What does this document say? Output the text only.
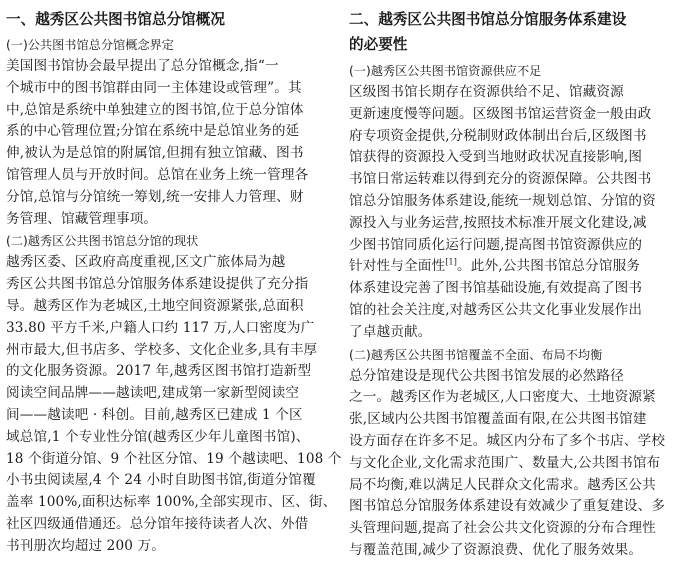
一、越秀区公共图书馆总分馆概况
(一)公共图书馆总分馆概念界定
美国图书馆协会最早提出了总分馆概念,指“一
个城市中的图书馆群由同一主体建设或管理”。其
中,总馆是系统中单独建立的图书馆,位于总分馆体
系的中心管理位置;分馆在系统中是总馆业务的延
伸,被认为是总馆的附属馆,但拥有独立馆藏、图书
馆管理人员与开放时间。总馆在业务上统一管理各
分馆,总馆与分馆统一筹划,统一安排人力管理、财
务管理、馆藏管理事项。
(二)越秀区公共图书馆总分馆的现状
越秀区委、区政府高度重视,区文广旅体局为越
秀区公共图书馆总分馆服务体系建设提供了充分指
导。越秀区作为老城区,土地空间资源紧张,总面积
33.80 平方千米,户籍人口约 117 万,人口密度为广
州市最大,但书店多、学校多、文化企业多,具有丰厚
的文化服务资源。2017 年,越秀区图书馆打造新型
阅读空间品牌——越读吧,建成第一家新型阅读空
间——越读吧 · 科创。目前,越秀区已建成 1 个区
域总馆,1 个专业性分馆(越秀区少年儿童图书馆)、
18 个街道分馆、9 个社区分馆、19 个越读吧、108 个
小书虫阅读屋,4 个 24 小时自助图书馆,街道分馆覆
盖率 100%,面积达标率 100%,全部实现市、区、街、
社区四级通借通还。总分馆年接待读者人次、外借
书刊册次均超过 200 万。
二、越秀区公共图书馆总分馆服务体系建设
的必要性
(一)越秀区公共图书馆资源供应不足
区级图书馆长期存在资源供给不足、馆藏资源
更新速度慢等问题。区级图书馆运营资金一般由政
府专项资金提供,分税制财政体制出台后,区级图书
馆获得的资源投入受到当地财政状况直接影响,图
书馆日常运转难以得到充分的资源保障。公共图书
馆总分馆服务体系建设,能统一规划总馆、分馆的资
源投入与业务运营,按照技术标准开展文化建设,减
少图书馆同质化运行问题,提高图书馆资源供应的
针对性与全面性[1]。此外,公共图书馆总分馆服务
体系建设完善了图书馆基础设施,有效提高了图书
馆的社会关注度,对越秀区公共文化事业发展作出
了卓越贡献。
(二)越秀区公共图书馆覆盖不全面、布局不均衡
总分馆建设是现代公共图书馆发展的必然路径
之一。越秀区作为老城区,人口密度大、土地资源紧
张,区域内公共图书馆覆盖面有限,在公共图书馆建
设方面存在许多不足。城区内分布了多个书店、学校
与文化企业,文化需求范围广、数量大,公共图书馆布
局不均衡,难以满足人民群众文化需求。越秀区公共
图书馆总分馆服务体系建设有效减少了重复建设、多
头管理问题,提高了社会公共文化资源的分布合理性
与覆盖范围,减少了资源浪费、优化了服务效果。
